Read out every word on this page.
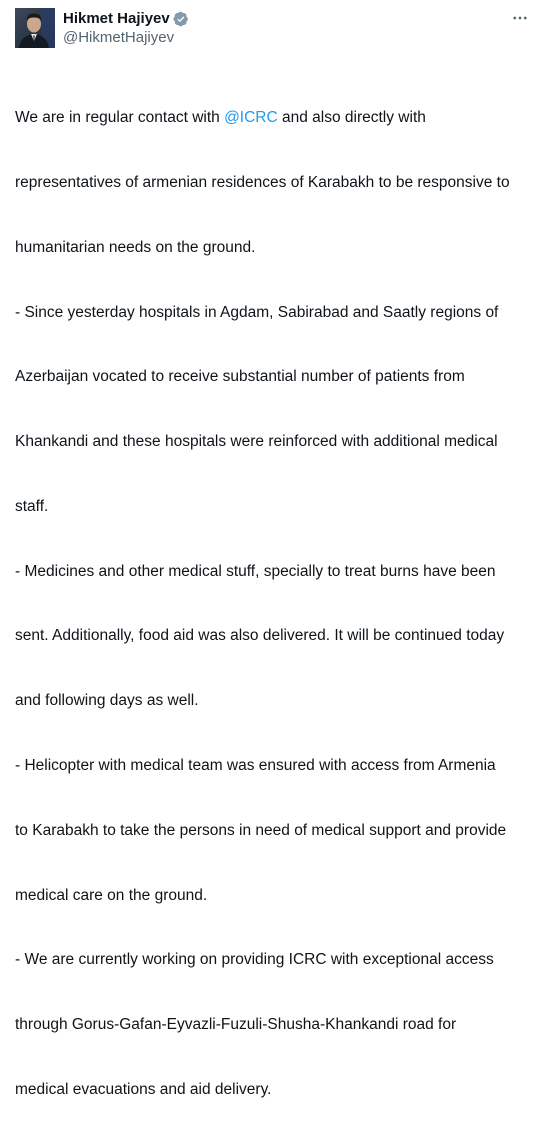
Hikmet Hajiyev
@HikmetHajiyev

We are in regular contact with @ICRC and also directly with

representatives of armenian residences of Karabakh to be responsive to

humanitarian needs on the ground.

- Since yesterday hospitals in Agdam, Sabirabad and Saatly regions of

Azerbaijan vocated to receive substantial number of patients from

Khankandi and these hospitals were reinforced with additional medical

staff.

- Medicines and other medical stuff, specially to treat burns have been

sent. Additionally, food aid was also delivered. It will be continued today

and following days as well.

- Helicopter with medical team was ensured with access from Armenia

to Karabakh to take the persons in need of medical support and provide

medical care on the ground.

- We are currently working on providing ICRC with exceptional access

through Gorus-Gafan-Eyvazli-Fuzuli-Shusha-Khankandi road for

medical evacuations and aid delivery.
